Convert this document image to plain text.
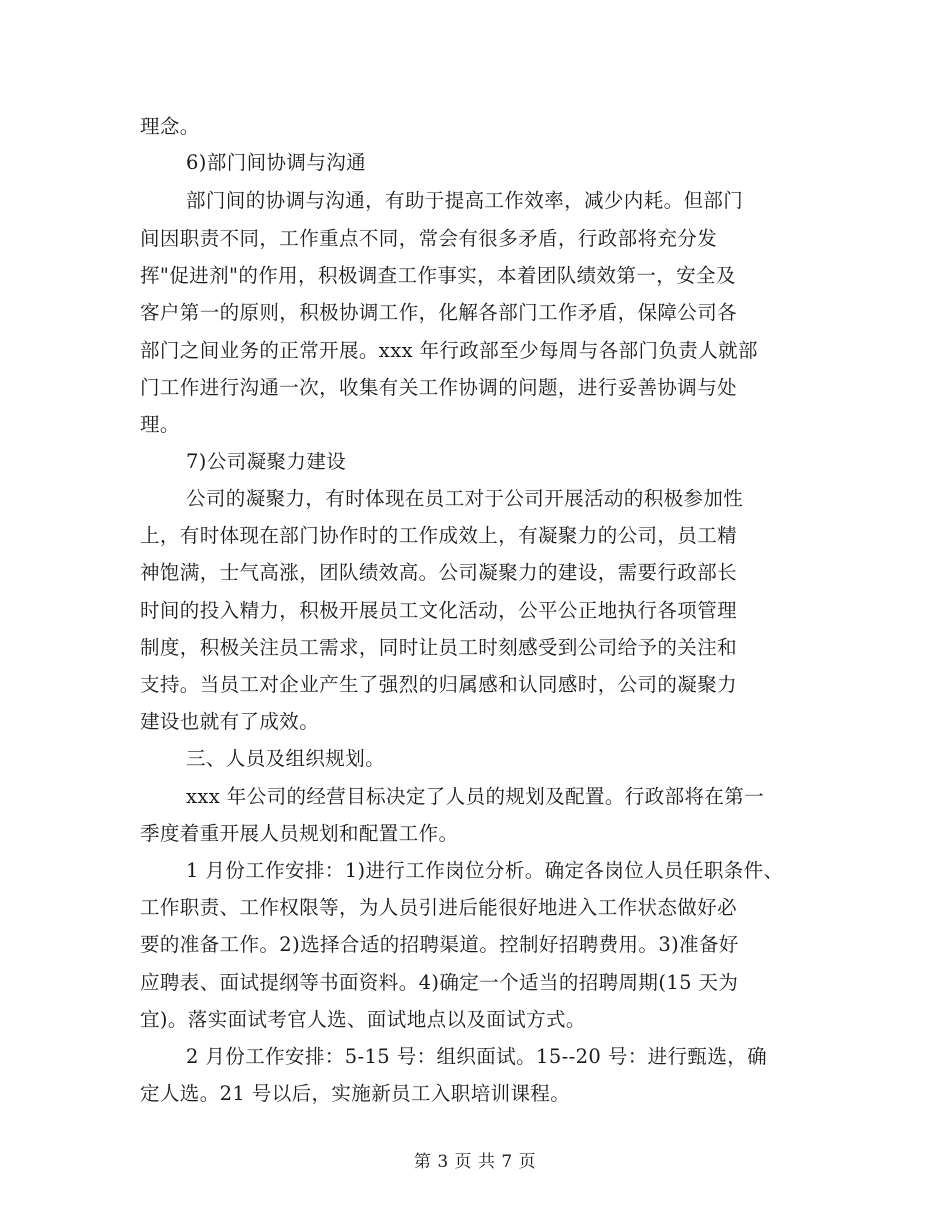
理念。
6)部门间协调与沟通
部门间的协调与沟通，有助于提高工作效率，减少内耗。但部门
间因职责不同，工作重点不同，常会有很多矛盾，行政部将充分发
挥"促进剂"的作用，积极调查工作事实，本着团队绩效第一，安全及
客户第一的原则，积极协调工作，化解各部门工作矛盾，保障公司各
部门之间业务的正常开展。xxx 年行政部至少每周与各部门负责人就部
门工作进行沟通一次，收集有关工作协调的问题，进行妥善协调与处
理。
7)公司凝聚力建设
公司的凝聚力，有时体现在员工对于公司开展活动的积极参加性
上，有时体现在部门协作时的工作成效上，有凝聚力的公司，员工精
神饱满，士气高涨，团队绩效高。公司凝聚力的建设，需要行政部长
时间的投入精力，积极开展员工文化活动，公平公正地执行各项管理
制度，积极关注员工需求，同时让员工时刻感受到公司给予的关注和
支持。当员工对企业产生了强烈的归属感和认同感时，公司的凝聚力
建设也就有了成效。
三、人员及组织规划。
xxx 年公司的经营目标决定了人员的规划及配置。行政部将在第一
季度着重开展人员规划和配置工作。
1 月份工作安排：1)进行工作岗位分析。确定各岗位人员任职条件、
工作职责、工作权限等，为人员引进后能很好地进入工作状态做好必
要的准备工作。2)选择合适的招聘渠道。控制好招聘费用。3)准备好
应聘表、面试提纲等书面资料。4)确定一个适当的招聘周期(15 天为
宜)。落实面试考官人选、面试地点以及面试方式。
2 月份工作安排：5-15 号：组织面试。15--20 号：进行甄选，确
定人选。21 号以后，实施新员工入职培训课程。
第 3 页 共 7 页
